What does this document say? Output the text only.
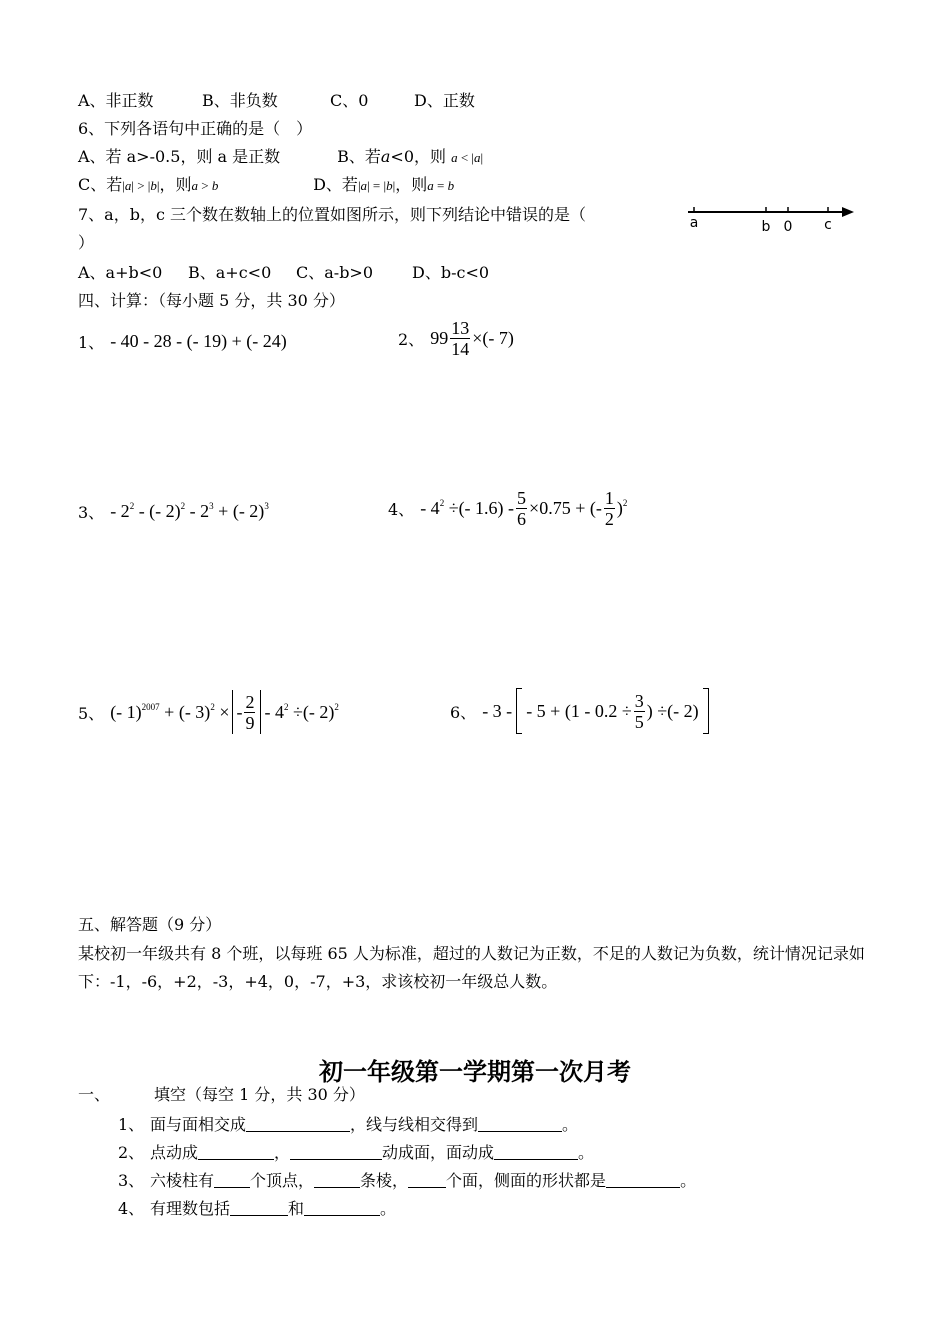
A、非正数	B、非负数	C、0	D、正数
6、下列各语句中正确的是（　）
A、若 a>-0.5，则 a 是正数	B、若a<0，则 a < |a|
C、若|a| > |b|，则a > b	D、若|a| = |b|，则a = b
7、a，b，c 三个数在数轴上的位置如图所示，则下列结论中错误的是（
）
a	b 0 c
A、a+b<0 B、a+c<0 C、a-b>0 D、b-c<0
四、计算：（每小题 5 分，共 30 分）
1、 - 40 - 28 - (- 19) + (- 24)	2、 $99 \frac{13}{14}$ ×(- 7)
3、 - $2^2$ - (- $2)^2 - 2^3$ + (- 2)$^3$	4、 - $4^2$ ÷(- $1.6) - \frac{5}{6} \times 0.75$ + (- $\frac{1}{2} )^2$
5、 (- 1)$^{2007}$ + (- 3)$^2$ × - $\frac{2}{9} - 4^2$ ÷(- 2)$^2$	6、 - 3 - - $5 + (1 - 0.2 \div \frac{3}{5}$ ) ÷(- 2)
五、解答题（9 分）
某校初一年级共有 8 个班，以每班 65 人为标准，超过的人数记为正数，不足的人数记为负数，统计情况记录如下：-1，-6，+2，-3，+4，0，-7，+3，求该校初一年级总人数。
初一年级第一学期第一次月考
一、	填空（每空 1 分，共 30 分）
1、 面与面相交成	，线与线相交得到	。
2、 点动成	，	动成面，面动成	。
3、 六棱柱有 个顶点，	条棱， 个面，侧面的形状都是	。
4、 有理数包括	和	。
